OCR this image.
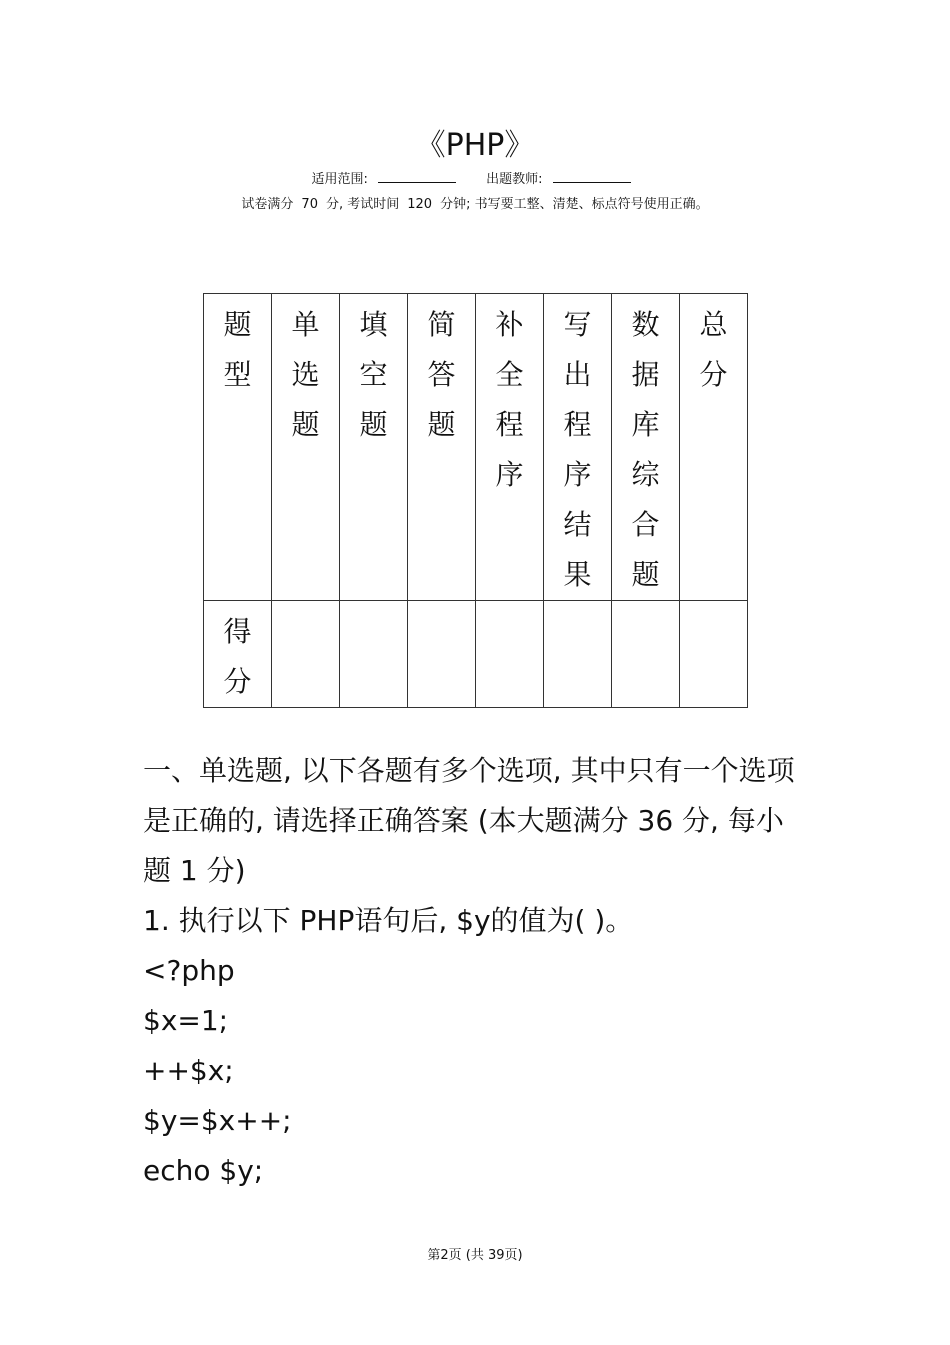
《PHP》
适用范围:	出题教师:
试卷满分 70 分, 考试时间 120 分钟; 书写要工整、清楚、标点符号使用正确。
题型	单选题	填空题	简答题	补全程序	写出程序结果	数据库综合题	总分

得分							

一、单选题, 以下各题有多个选项, 其中只有一个选项是正确的, 请选择正确答案 (本大题满分 36 分, 每小题 1 分)

1. 执行以下 PHP语句后, $y的值为( )。

<?php

$x=1;

++$x;

$y=$x++;

echo $y;

第2页 (共 39页)
